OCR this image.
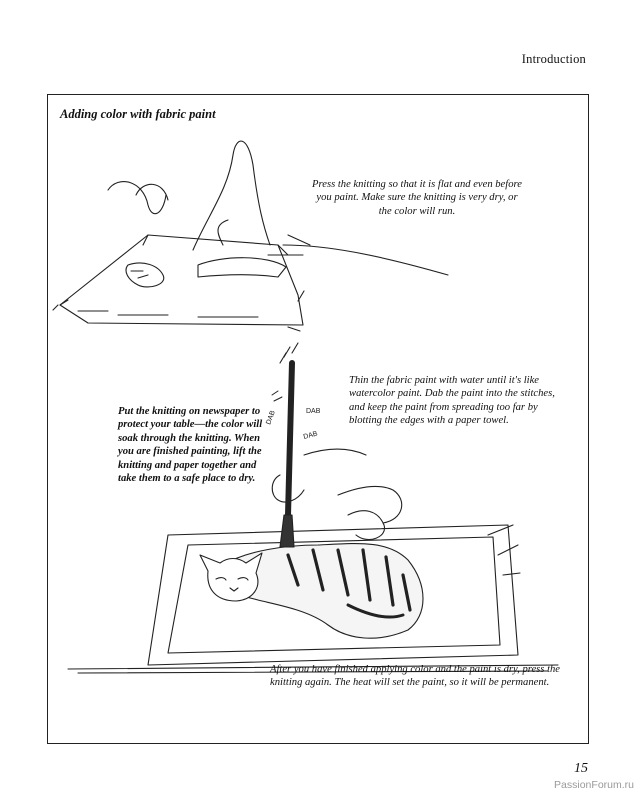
Introduction
DAB	DAB
DAB
Adding color with fabric paint
Press the knitting so that it is flat and even before you paint. Make sure the knitting is very dry, or the color will run.
Thin the fabric paint with water until it's like watercolor paint. Dab the paint into the stitches, and keep the paint from spreading too far by blotting the edges with a paper towel.
Put the knitting on newspaper to protect your table—the color will soak through the knitting. When you are finished painting, lift the knitting and paper together and take them to a safe place to dry.
After you have finished applying color and the paint is dry, press the knitting again. The heat will set the paint, so it will be permanent.
15
PassionForum.ru
